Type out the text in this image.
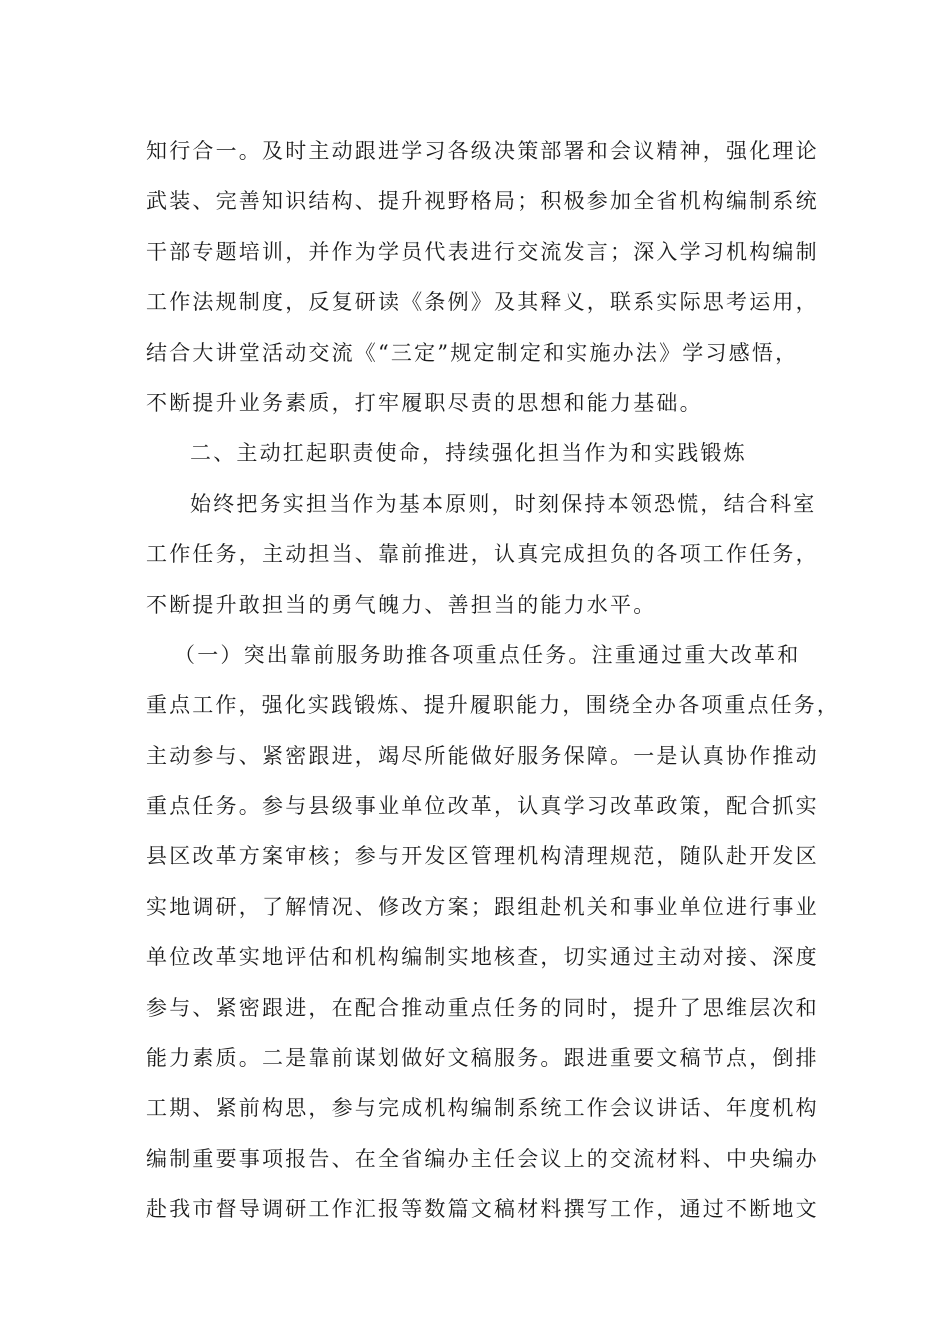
知行合一。及时主动跟进学习各级决策部署和会议精神，强化理论
武装、完善知识结构、提升视野格局；积极参加全省机构编制系统
干部专题培训，并作为学员代表进行交流发言；深入学习机构编制
工作法规制度，反复研读《条例》及其释义，联系实际思考运用，
结合大讲堂活动交流《“三定”规定制定和实施办法》学习感悟，
不断提升业务素质，打牢履职尽责的思想和能力基础。
二、主动扛起职责使命，持续强化担当作为和实践锻炼
始终把务实担当作为基本原则，时刻保持本领恐慌，结合科室
工作任务，主动担当、靠前推进，认真完成担负的各项工作任务，
不断提升敢担当的勇气魄力、善担当的能力水平。
（一）突出靠前服务助推各项重点任务。注重通过重大改革和
重点工作，强化实践锻炼、提升履职能力，围绕全办各项重点任务，
主动参与、紧密跟进，竭尽所能做好服务保障。一是认真协作推动
重点任务。参与县级事业单位改革，认真学习改革政策，配合抓实
县区改革方案审核；参与开发区管理机构清理规范，随队赴开发区
实地调研，了解情况、修改方案；跟组赴机关和事业单位进行事业
单位改革实地评估和机构编制实地核查，切实通过主动对接、深度
参与、紧密跟进，在配合推动重点任务的同时，提升了思维层次和
能力素质。二是靠前谋划做好文稿服务。跟进重要文稿节点，倒排
工期、紧前构思，参与完成机构编制系统工作会议讲话、年度机构
编制重要事项报告、在全省编办主任会议上的交流材料、中央编办
赴我市督导调研工作汇报等数篇文稿材料撰写工作，通过不断地文
